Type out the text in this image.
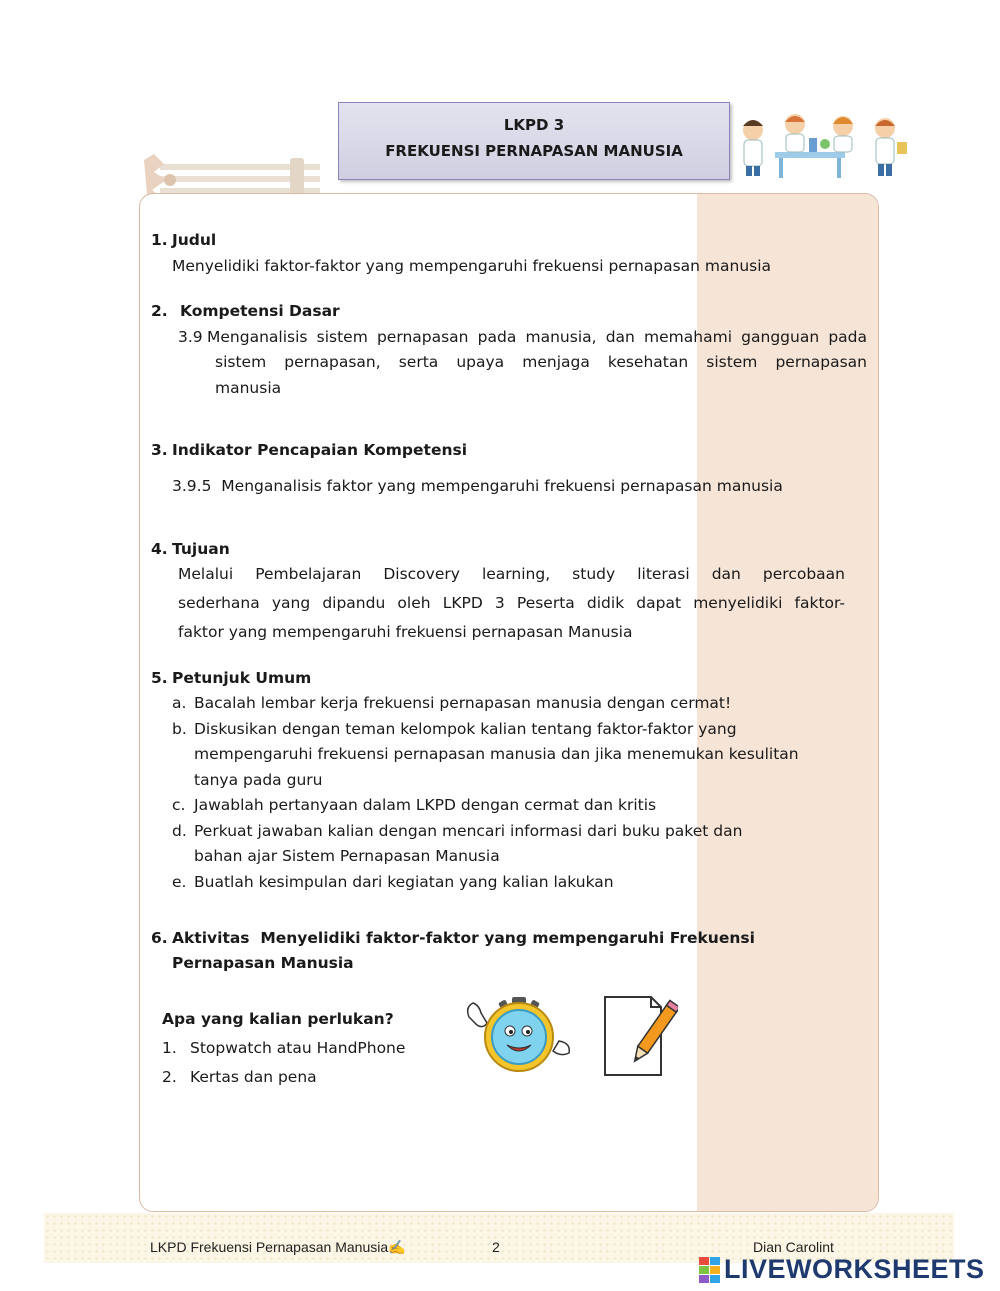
LKPD 3
FREKUENSI PERNAPASAN MANUSIA
1. Judul
Menyelidiki faktor-faktor yang mempengaruhi frekuensi pernapasan manusia
2. Kompetensi Dasar
3.9 Menganalisis sistem pernapasan pada manusia, dan memahami gangguan pada
sistem pernapasan, serta upaya menjaga kesehatan sistem pernapasan
manusia
3. Indikator Pencapaian Kompetensi
3.9.5  Menganalisis faktor yang mempengaruhi frekuensi pernapasan manusia
4. Tujuan
Melalui Pembelajaran Discovery learning, study literasi dan percobaan
sederhana yang dipandu oleh LKPD 3 Peserta didik dapat menyelidiki faktor-
faktor yang mempengaruhi frekuensi pernapasan Manusia
5. Petunjuk Umum
a. Bacalah lembar kerja frekuensi pernapasan manusia dengan cermat!
b. Diskusikan dengan teman kelompok kalian tentang faktor-faktor yang
mempengaruhi frekuensi pernapasan manusia dan jika menemukan kesulitan
tanya pada guru
c. Jawablah pertanyaan dalam LKPD dengan cermat dan kritis
d. Perkuat jawaban kalian dengan mencari informasi dari buku paket dan
bahan ajar Sistem Pernapasan Manusia
e. Buatlah kesimpulan dari kegiatan yang kalian lakukan
6. Aktivitas  Menyelidiki faktor-faktor yang mempengaruhi Frekuensi
Pernapasan Manusia
Apa yang kalian perlukan?
1. Stopwatch atau HandPhone
2. Kertas dan pena
LKPD Frekuensi Pernapasan Manusia✍	2	Dian Carolint
LIVEWORKSHEETS
